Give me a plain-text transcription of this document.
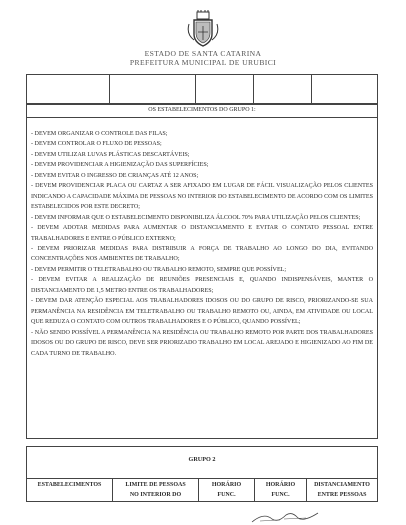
ESTADO DE SANTA CATARINA
PREFEITURA MUNICIPAL DE URUBICI
OS ESTABELECIMENTOS DO GRUPO 1:

- DEVEM ORGANIZAR O CONTROLE DAS FILAS;

- DEVEM CONTROLAR O FLUXO DE PESSOAS;

- DEVEM UTILIZAR LUVAS PLÁSTICAS DESCARTÁVEIS;

- DEVEM PROVIDENCIAR A HIGIENIZAÇÃO DAS SUPERFÍCIES;

- DEVEM EVITAR O INGRESSO DE CRIANÇAS ATÉ 12 ANOS;

- DEVEM PROVIDENCIAR PLACA OU CARTAZ A SER AFIXADO EM LUGAR DE FÁCIL VISUALIZAÇÃO PELOS CLIENTES INDICANDO A CAPACIDADE MÁXIMA DE PESSOAS NO INTERIOR DO ESTABELECIMENTO DE ACORDO COM OS LIMITES ESTABELECIDOS POR ESTE DECRETO;

- DEVEM INFORMAR QUE O ESTABELECIMENTO DISPONIBILIZA ÁLCOOL 70% PARA UTILIZAÇÃO PELOS CLIENTES;

- DEVEM ADOTAR MEDIDAS PARA AUMENTAR O DISTANCIAMENTO E EVITAR O CONTATO PESSOAL ENTRE TRABALHADORES E ENTRE O PÚBLICO EXTERNO;

- DEVEM PRIORIZAR MEDIDAS PARA DISTRIBUIR A FORÇA DE TRABALHO AO LONGO DO DIA, EVITANDO CONCENTRAÇÕES NOS AMBIENTES DE TRABALHO;

- DEVEM PERMITIR O TELETRABALHO OU TRABALHO REMOTO, SEMPRE QUE POSSÍVEL;

- DEVEM EVITAR A REALIZAÇÃO DE REUNIÕES PRESENCIAIS E, QUANDO INDISPENSÁVEIS, MANTER O DISTANCIAMENTO DE 1,5 METRO ENTRE OS TRABALHADORES;

- DEVEM DAR ATENÇÃO ESPECIAL AOS TRABALHADORES IDOSOS OU DO GRUPO DE RISCO, PRIORIZANDO-SE SUA PERMANÊNCIA NA RESIDÊNCIA EM TELETRABALHO OU TRABALHO REMOTO OU, AINDA, EM ATIVIDADE OU LOCAL QUE REDUZA O CONTATO COM OUTROS TRABALHADORES E O PÚBLICO, QUANDO POSSÍVEL;

- NÃO SENDO POSSÍVEL A PERMANÊNCIA NA RESIDÊNCIA OU TRABALHO REMOTO POR PARTE DOS TRABALHADORES IDOSOS OU DO GRUPO DE RISCO, DEVE SER PRIORIZADO TRABALHO EM LOCAL AREJADO E HIGIENIZADO AO FIM DE CADA TURNO DE TRABALHO.

GRUPO 2
ESTABELECIMENTOS	LIMITE DE PESSOAS
NO INTERIOR DO
HORÁRIO
FUNC.
HORÁRIO
FUNC.
DISTANCIAMENTO
ENTRE PESSOAS
